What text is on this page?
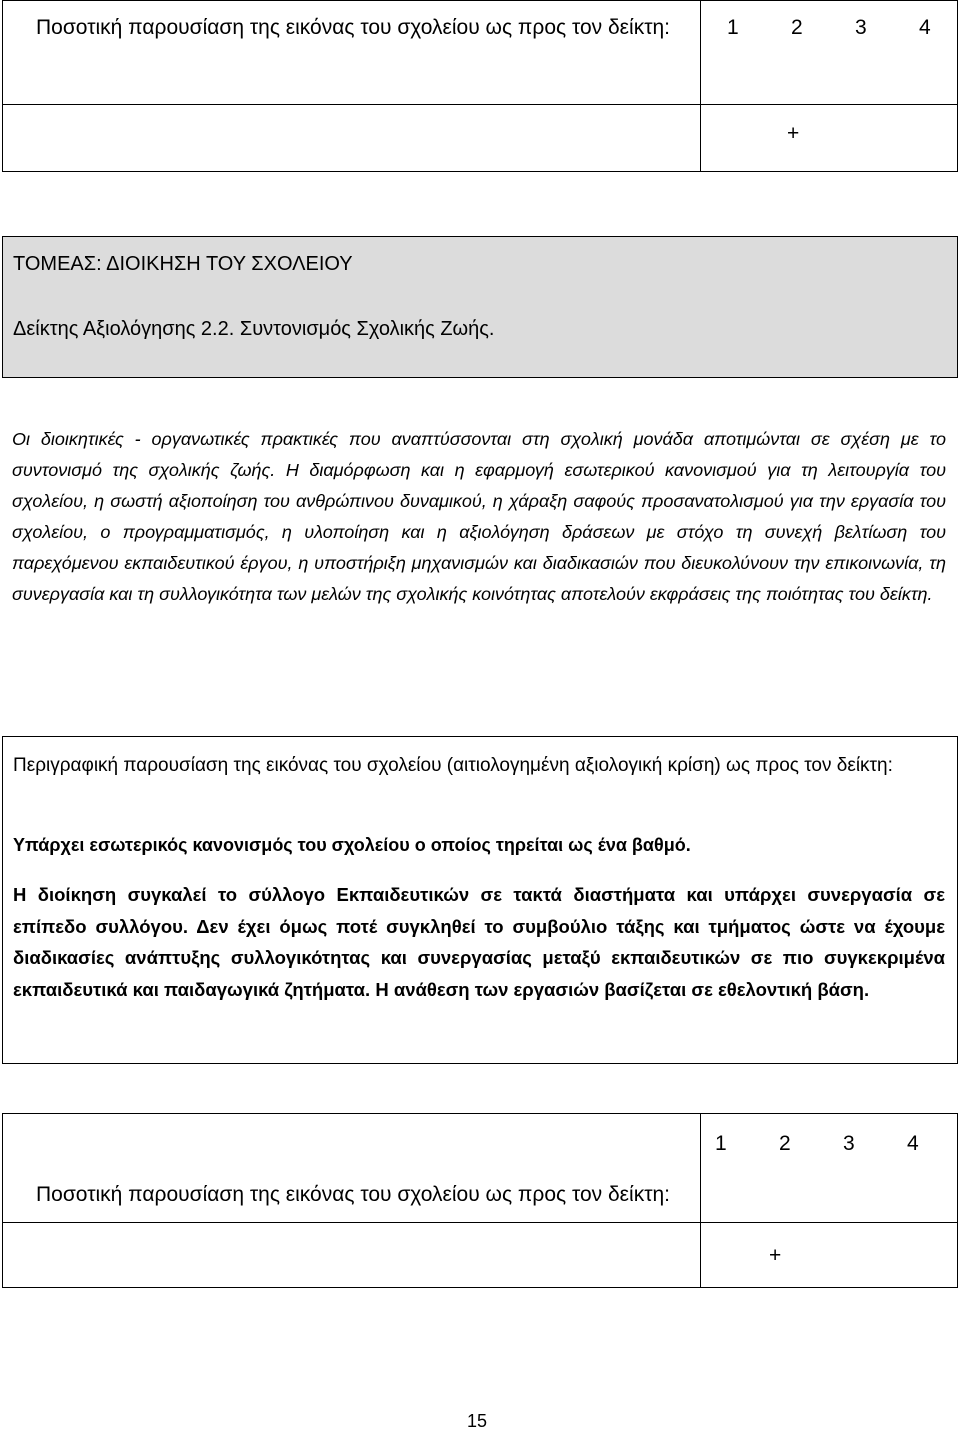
Ποσοτική παρουσίαση της εικόνας του σχολείου ως προς τον δείκτη:	1 2 3 4
+
ΤΟΜΕΑΣ: ΔΙΟΙΚΗΣΗ ΤΟΥ ΣΧΟΛΕΙΟΥ
Δείκτης Αξιολόγησης 2.2. Συντονισμός Σχολικής Ζωής.
Οι διοικητικές - οργανωτικές πρακτικές που αναπτύσσονται στη σχολική μονάδα αποτιμώνται σε σχέση με το συντονισμό της σχολικής ζωής. Η διαμόρφωση και η εφαρμογή εσωτερικού κανονισμού για τη λειτουργία του σχολείου, η σωστή αξιοποίηση του ανθρώπινου δυναμικού, η χάραξη σαφούς προσανατολισμού για την εργασία του σχολείου, ο προγραμματισμός, η υλοποίηση και η αξιολόγηση δράσεων με στόχο τη συνεχή βελτίωση του παρεχόμενου εκπαιδευτικού έργου, η υποστήριξη μηχανισμών και διαδικασιών που διευκολύνουν την επικοινωνία, τη συνεργασία και τη συλλογικότητα των μελών της σχολικής κοινότητας αποτελούν εκφράσεις της ποιότητας του δείκτη.
Περιγραφική παρουσίαση της εικόνας του σχολείου (αιτιολογημένη αξιολογική κρίση) ως προς τον δείκτη:
Υπάρχει εσωτερικός κανονισμός του σχολείου ο οποίος τηρείται ως ένα βαθμό.
Η διοίκηση συγκαλεί το σύλλογο Εκπαιδευτικών σε τακτά διαστήματα και υπάρχει συνεργασία σε επίπεδο συλλόγου. Δεν έχει όμως ποτέ συγκληθεί το συμβούλιο τάξης και τμήματος ώστε να έχουμε διαδικασίες ανάπτυξης συλλογικότητας και συνεργασίας μεταξύ εκπαιδευτικών σε πιο συγκεκριμένα εκπαιδευτικά και παιδαγωγικά ζητήματα. Η ανάθεση των εργασιών βασίζεται σε εθελοντική βάση.
Ποσοτική παρουσίαση της εικόνας του σχολείου ως προς τον δείκτη:
1 2 3 4
+
15
